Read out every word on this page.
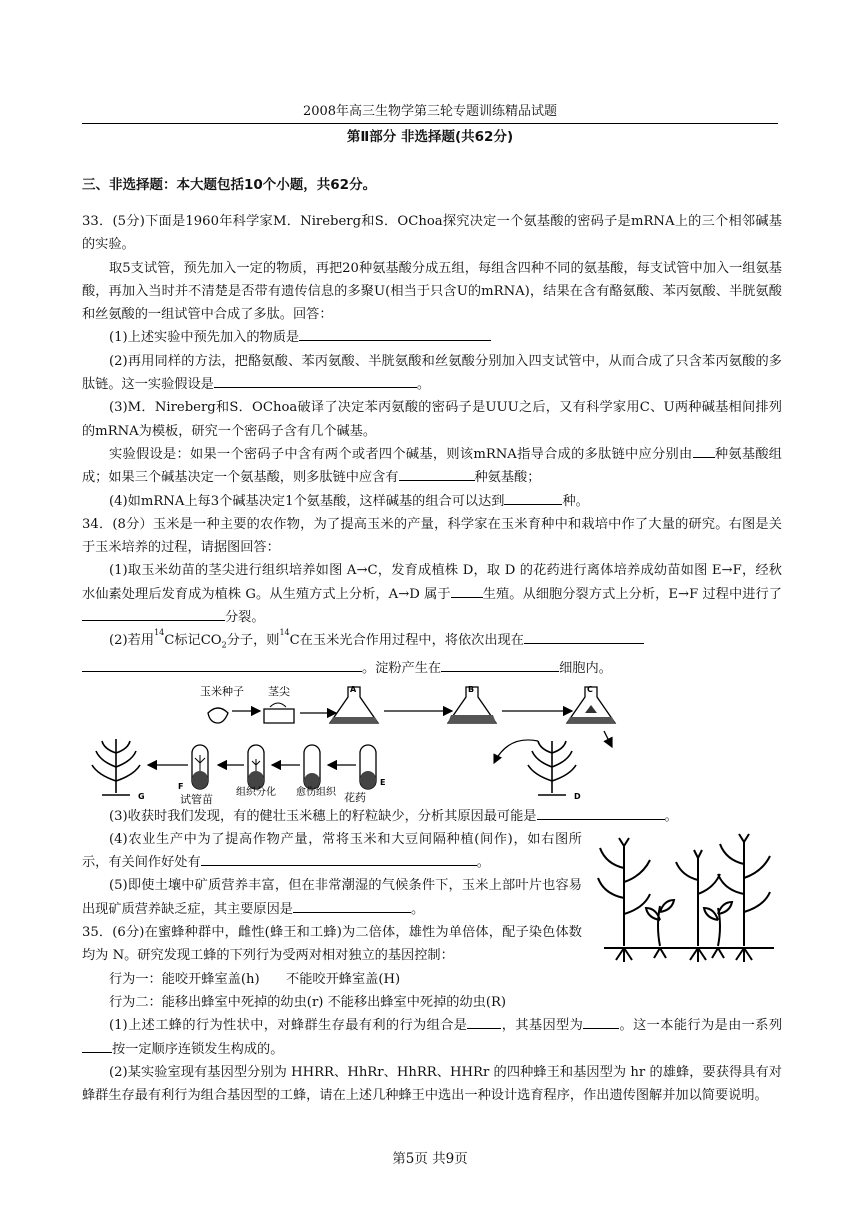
2008年高三生物学第三轮专题训练精品试题
第Ⅱ部分 非选择题(共62分)
三、非选择题：本大题包括10个小题，共62分。

33．(5分)下面是1960年科学家M．Nireberg和S．OChoa探究决定一个氨基酸的密码子是mRNA上的三个相邻碱基的实验。

取5支试管，预先加入一定的物质，再把20种氨基酸分成五组，每组含四种不同的氨基酸，每支试管中加入一组氨基酸，再加入当时并不清楚是否带有遗传信息的多聚U(相当于只含U的mRNA)，结果在含有酪氨酸、苯丙氨酸、半胱氨酸和丝氨酸的一组试管中合成了多肽。回答：

(1)上述实验中预先加入的物质是

(2)再用同样的方法，把酪氨酸、苯丙氨酸、半胱氨酸和丝氨酸分别加入四支试管中，从而合成了只含苯丙氨酸的多肽链。这一实验假设是	。

(3)M．Nireberg和S．OChoa破译了决定苯丙氨酸的密码子是UUU之后，又有科学家用C、U两种碱基相间排列的mRNA为模板，研究一个密码子含有几个碱基。

实验假设是：如果一个密码子中含有两个或者四个碱基，则该mRNA指导合成的多肽链中应分别由 种氨基酸组成；如果三个碱基决定一个氨基酸，则多肽链中应含有	种氨基酸；

(4)如mRNA上每3个碱基决定1个氨基酸，这样碱基的组合可以达到	种。

34．(8分）玉米是一种主要的农作物，为了提高玉米的产量，科学家在玉米育种中和栽培中作了大量的研究。右图是关于玉米培养的过程，请据图回答：

(1)取玉米幼苗的茎尖进行组织培养如图 A→C，发育成植株 D，取 D 的花药进行离体培养成幼苗如图 E→F，经秋水仙素处理后发育成为植株 G。从生殖方式上分析，A→D 属于 生殖。从细胞分裂方式上分析，E→F 过程中进行了分裂。

(2)若用$^{14}$C标记$CO_2$分子，则$^{14}$C在玉米光合作用过程中，将依次出现在
。淀粉产生在	细胞内。

玉米种子 茎尖	A	B	C
D
E
花药
愈伤组织
组织分化
F
试管苗
G

(3)收获时我们发现，有的健壮玉米穗上的籽粒缺少，分析其原因最可能是	。

(4)农业生产中为了提高作物产量，常将玉米和大豆间隔种植(间作)，如右图所示，有关间作好处有	。

(5)即使土壤中矿质营养丰富，但在非常潮湿的气候条件下，玉米上部叶片也容易出现矿质营养缺乏症，其主要原因是	。

35．(6分)在蜜蜂种群中，雌性(蜂王和工蜂)为二倍体，雄性为单倍体，配子染色体数均为 N。研究发现工蜂的下列行为受两对相对独立的基因控制：

行为一：能咬开蜂室盖(h)　　不能咬开蜂室盖(H)

行为二：能移出蜂室中死掉的幼虫(r) 不能移出蜂室中死掉的幼虫(R)

(1)上述工蜂的行为性状中，对蜂群生存最有利的行为组合是	，其基因型为	。这一本能行为是由一系列按一定顺序连锁发生构成的。

(2)某实验室现有基因型分别为 HHRR、HhRr、HhRR、HHRr 的四种蜂王和基因型为 hr 的雄蜂，要获得具有对蜂群生存最有利行为组合基因型的工蜂，请在上述几种蜂王中选出一种设计选育程序，作出遗传图解并加以简要说明。

第5页 共9页
